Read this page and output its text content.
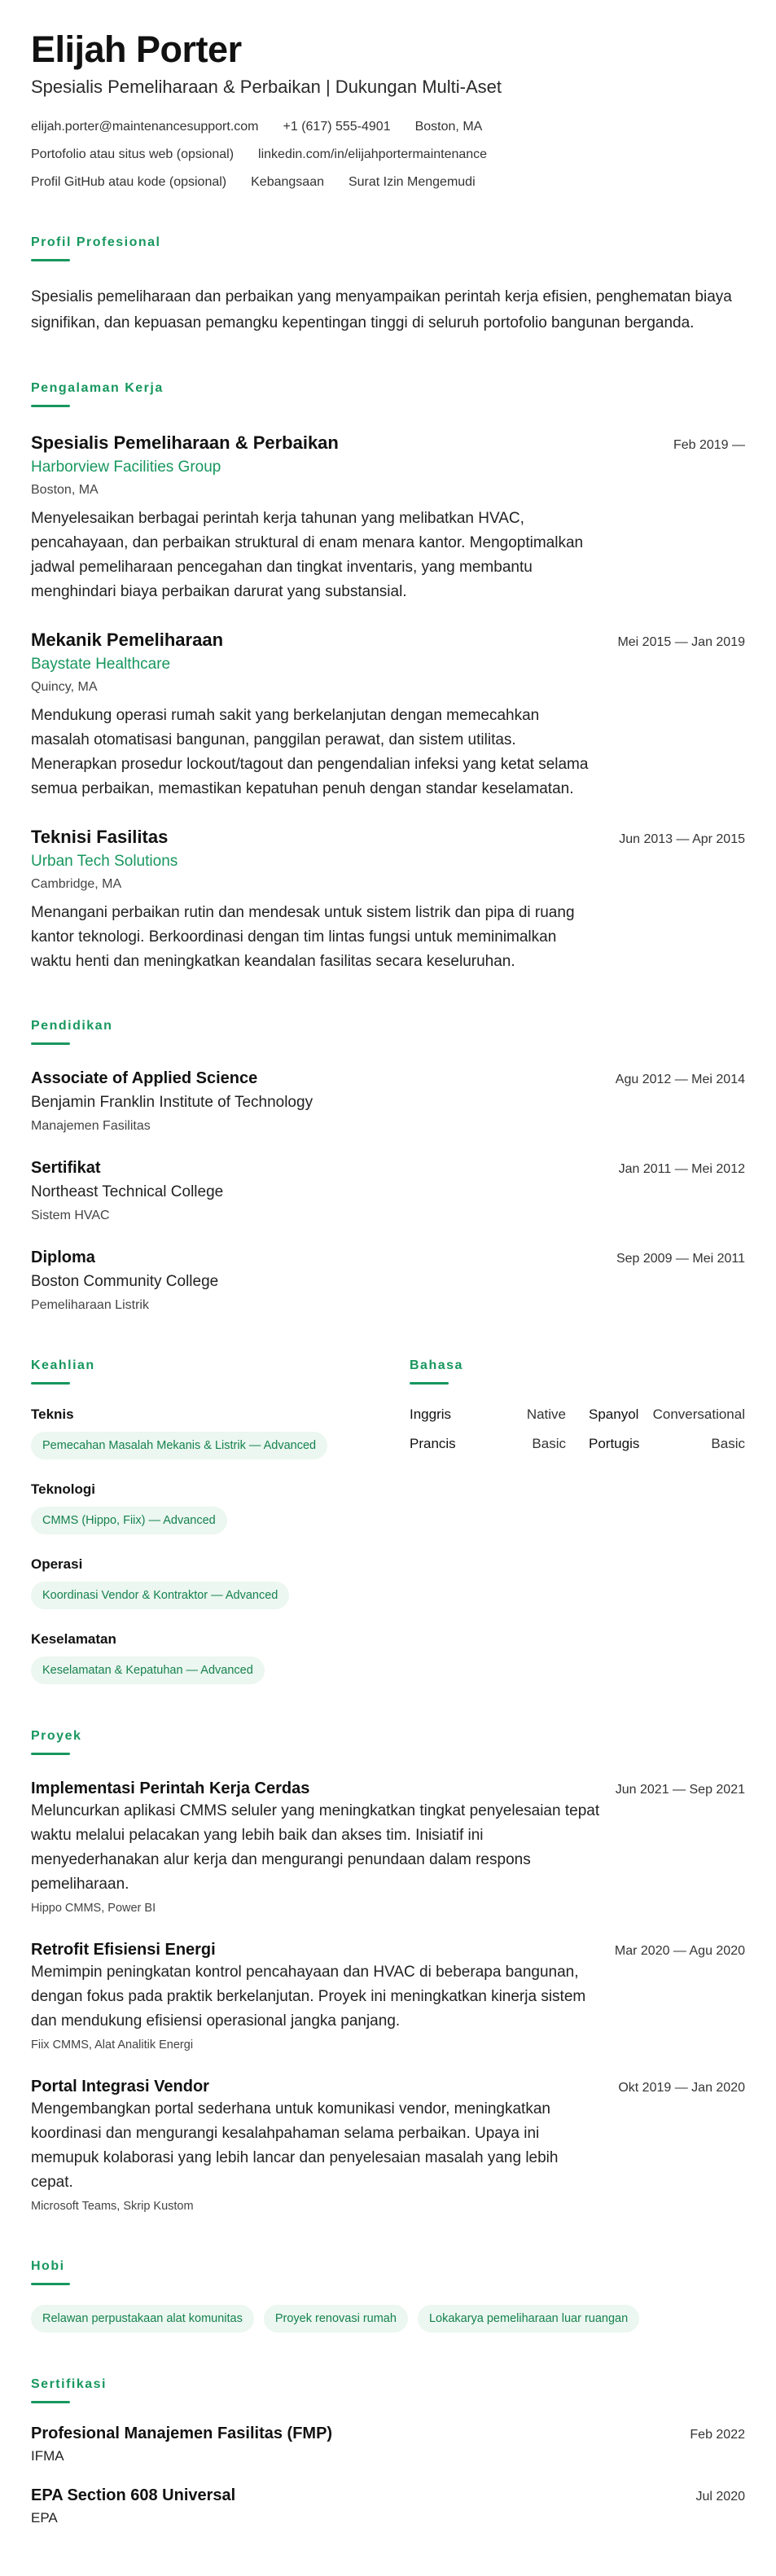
Elijah Porter
Spesialis Pemeliharaan & Perbaikan | Dukungan Multi-Aset
elijah.porter@maintenancesupport.com +1 (617) 555-4901 Boston, MA
Portofolio atau situs web (opsional) linkedin.com/in/elijahportermaintenance
Profil GitHub atau kode (opsional) Kebangsaan Surat Izin Mengemudi
Profil Profesional

Spesialis pemeliharaan dan perbaikan yang menyampaikan perintah kerja efisien, penghematan biaya signifikan, dan kepuasan pemangku kepentingan tinggi di seluruh portofolio bangunan berganda.

Pengalaman Kerja
Spesialis Pemeliharaan & Perbaikan	Feb 2019 —
Harborview Facilities Group
Boston, MA

Menyelesaikan berbagai perintah kerja tahunan yang melibatkan HVAC, pencahayaan, dan perbaikan struktural di enam menara kantor. Mengoptimalkan jadwal pemeliharaan pencegahan dan tingkat inventaris, yang membantu menghindari biaya perbaikan darurat yang substansial.

Mekanik Pemeliharaan	Mei 2015 — Jan 2019
Baystate Healthcare
Quincy, MA

Mendukung operasi rumah sakit yang berkelanjutan dengan memecahkan masalah otomatisasi bangunan, panggilan perawat, dan sistem utilitas. Menerapkan prosedur lockout/tagout dan pengendalian infeksi yang ketat selama semua perbaikan, memastikan kepatuhan penuh dengan standar keselamatan.

Teknisi Fasilitas	Jun 2013 — Apr 2015
Urban Tech Solutions
Cambridge, MA

Menangani perbaikan rutin dan mendesak untuk sistem listrik dan pipa di ruang kantor teknologi. Berkoordinasi dengan tim lintas fungsi untuk meminimalkan waktu henti dan meningkatkan keandalan fasilitas secara keseluruhan.

Pendidikan
Associate of Applied Science	Agu 2012 — Mei 2014
Benjamin Franklin Institute of Technology
Manajemen Fasilitas
Sertifikat	Jan 2011 — Mei 2012
Northeast Technical College
Sistem HVAC
Diploma	Sep 2009 — Mei 2011
Boston Community College
Pemeliharaan Listrik
Keahlian
Teknis
Pemecahan Masalah Mekanis & Listrik — Advanced
Teknologi
CMMS (Hippo, Fiix) — Advanced
Operasi
Koordinasi Vendor & Kontraktor — Advanced
Keselamatan
Keselamatan & Kepatuhan — Advanced
Bahasa
Inggris	Native Spanyol Conversational
Prancis	Basic Portugis	Basic
Proyek
Implementasi Perintah Kerja Cerdas	Jun 2021 — Sep 2021

Meluncurkan aplikasi CMMS seluler yang meningkatkan tingkat penyelesaian tepat waktu melalui pelacakan yang lebih baik dan akses tim. Inisiatif ini menyederhanakan alur kerja dan mengurangi penundaan dalam respons pemeliharaan.

Hippo CMMS, Power BI
Retrofit Efisiensi Energi	Mar 2020 — Agu 2020

Memimpin peningkatan kontrol pencahayaan dan HVAC di beberapa bangunan, dengan fokus pada praktik berkelanjutan. Proyek ini meningkatkan kinerja sistem dan mendukung efisiensi operasional jangka panjang.

Fiix CMMS, Alat Analitik Energi
Portal Integrasi Vendor	Okt 2019 — Jan 2020

Mengembangkan portal sederhana untuk komunikasi vendor, meningkatkan koordinasi dan mengurangi kesalahpahaman selama perbaikan. Upaya ini memupuk kolaborasi yang lebih lancar dan penyelesaian masalah yang lebih cepat.

Microsoft Teams, Skrip Kustom
Hobi
Relawan perpustakaan alat komunitas	Proyek renovasi rumah	Lokakarya pemeliharaan luar ruangan
Sertifikasi
Profesional Manajemen Fasilitas (FMP)	Feb 2022
IFMA
EPA Section 608 Universal	Jul 2020
EPA
